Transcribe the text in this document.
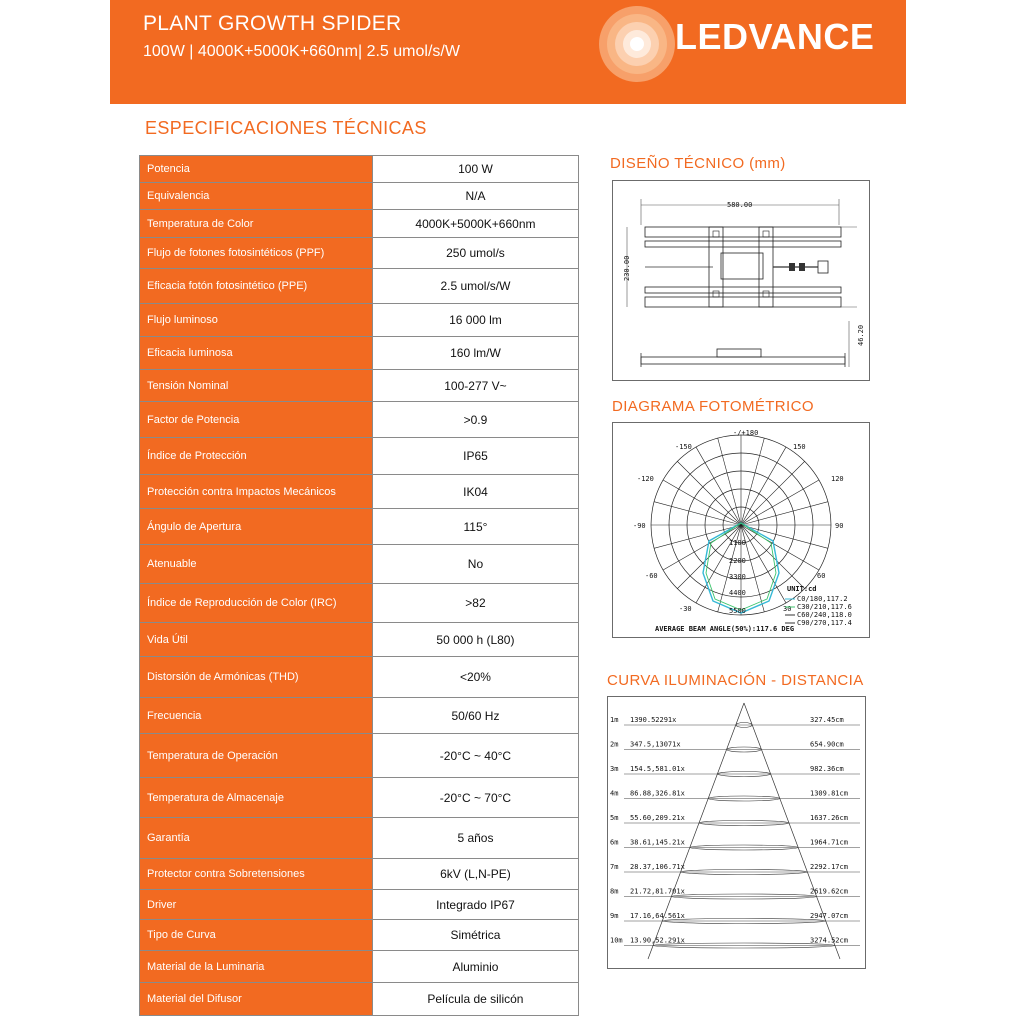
PLANT GROWTH SPIDER
100W | 4000K+5000K+660nm| 2.5 umol/s/W	LEDVANCE
ESPECIFICACIONES TÉCNICAS
Potencia	100 W
Equivalencia	N/A
Temperatura de Color	4000K+5000K+660nm
Flujo de fotones fotosintéticos (PPF)	250 umol/s
Eficacia fotón fotosintético (PPE)	2.5 umol/s/W
Flujo luminoso	16 000 lm
Eficacia luminosa	160 lm/W
Tensión Nominal	100-277 V~
Factor de Potencia	>0.9
Índice de Protección	IP65
Protección contra Impactos Mecánicos	IK04
Ángulo de Apertura	115°
Atenuable	No
Índice de Reproducción de Color (IRC)	>82
Vida Útil	50 000 h (L80)
Distorsión de Armónicas (THD)	<20%
Frecuencia	50/60 Hz
Temperatura de Operación	-20°C ~ 40°C
Temperatura de Almacenaje	-20°C ~ 70°C
Garantía	5 años
Protector contra Sobretensiones	6kV (L,N-PE)
Driver	Integrado IP67
Tipo de Curva	Simétrica
Material de la Luminaria	Aluminio
Material del Difusor	Película de silicón
DISEÑO TÉCNICO (mm)
580.00
230.00
46.20
DIAGRAMA FOTOMÉTRICO
-/+180
-150	150
-120	120
-90	90
-60	60
-30	30
1100
2200
3300
4400
5500
UNIT:cd
C0/180,117.2
C30/210,117.6
C60/240,118.0
C90/270,117.4
AVERAGE BEAM ANGLE(50%):117.6 DEG
CURVA ILUMINACIÓN - DISTANCIA
1m 1390.52291x	327.45cm
2m 347.5,13071x	654.90cm
3m 154.5,581.01x	982.36cm
4m 86.88,326.81x	1309.81cm
5m 55.60,209.21x	1637.26cm
6m 38.61,145.21x	1964.71cm
7m 28.37,106.71x	2292.17cm
8m 21.72,81.701x	2619.62cm
9m 17.16,64.561x	2947.07cm
10m 13.90,52.291x	3274.52cm
